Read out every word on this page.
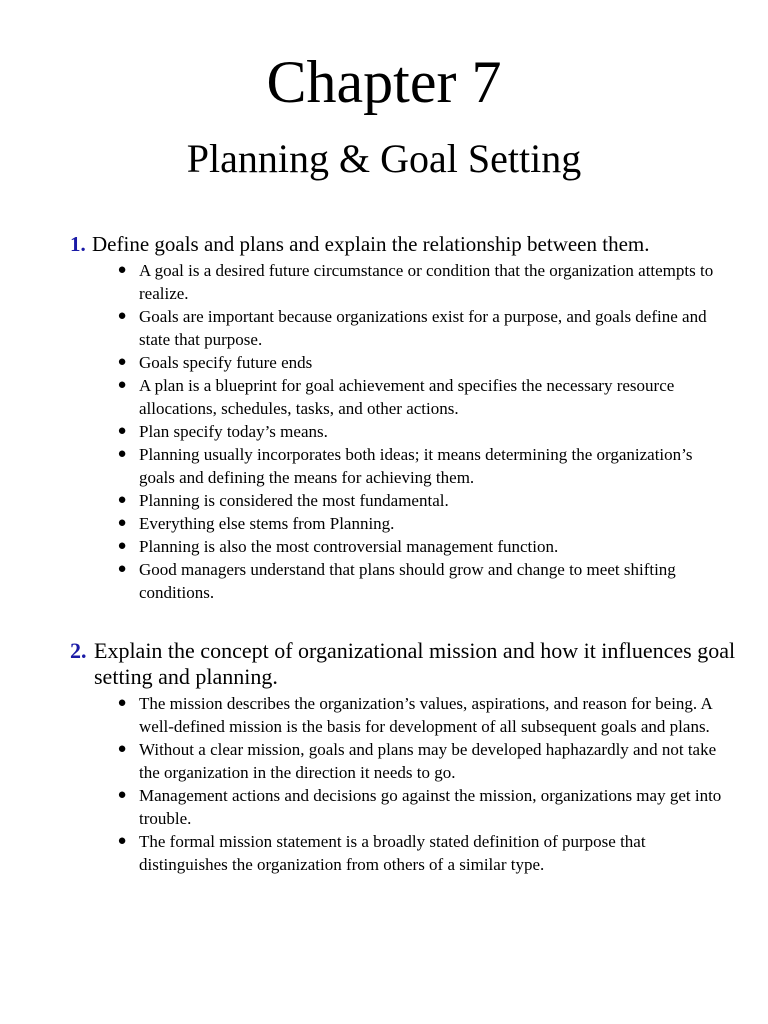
Chapter 7
Planning & Goal Setting
1. Define goals and plans and explain the relationship between them.
● A goal is a desired future circumstance or condition that the organization attempts to realize.
● Goals are important because organizations exist for a purpose, and goals define and state that purpose.
● Goals specify future ends
● A plan is a blueprint for goal achievement and specifies the necessary resource allocations, schedules, tasks, and other actions.
● Plan specify today’s means.
● Planning usually incorporates both ideas; it means determining the organization’s goals and defining the means for achieving them.
● Planning is considered the most fundamental.
● Everything else stems from Planning.
● Planning is also the most controversial management function.
● Good managers understand that plans should grow and change to meet shifting conditions.
2. Explain the concept of organizational mission and how it influences goal setting and planning.
● The mission describes the organization’s values, aspirations, and reason for being. A well-defined mission is the basis for development of all subsequent goals and plans.
● Without a clear mission, goals and plans may be developed haphazardly and not take the organization in the direction it needs to go.
● Management actions and decisions go against the mission, organizations may get into trouble.
● The formal mission statement is a broadly stated definition of purpose that distinguishes the organization from others of a similar type.
